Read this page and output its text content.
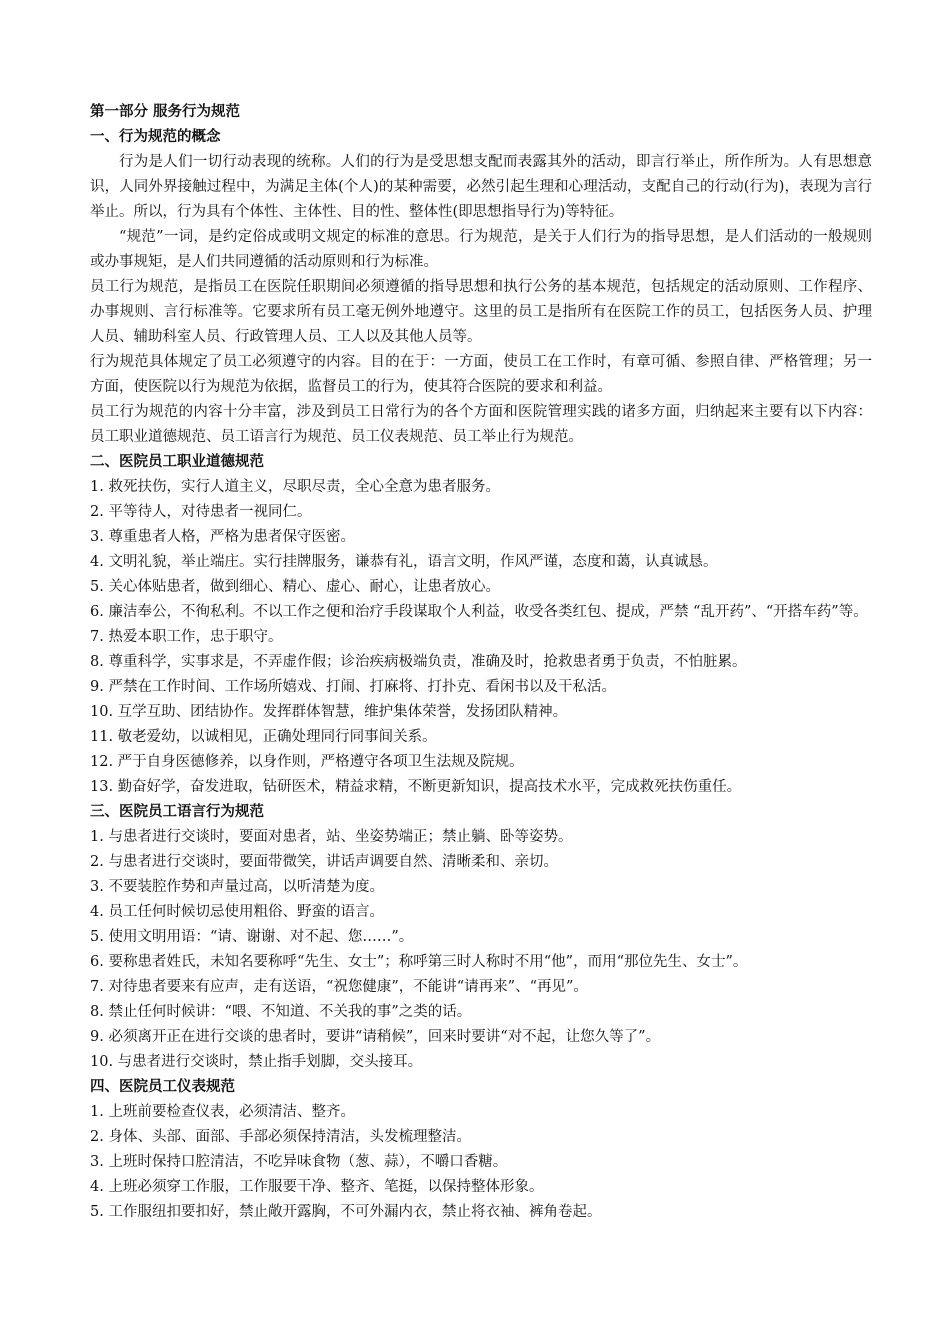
第一部分 服务行为规范

一、行为规范的概念

行为是人们一切行动表现的统称。人们的行为是受思想支配而表露其外的活动，即言行举止，所作所为。人有思想意识，人同外界接触过程中，为满足主体(个人)的某种需要，必然引起生理和心理活动，支配自己的行动(行为)，表现为言行举止。所以，行为具有个体性、主体性、目的性、整体性(即思想指导行为)等特征。

“规范”一词，是约定俗成或明文规定的标准的意思。行为规范，是关于人们行为的指导思想，是人们活动的一般规则或办事规矩，是人们共同遵循的活动原则和行为标准。

员工行为规范，是指员工在医院任职期间必须遵循的指导思想和执行公务的基本规范，包括规定的活动原则、工作程序、办事规则、言行标准等。它要求所有员工毫无例外地遵守。这里的员工是指所有在医院工作的员工，包括医务人员、护理人员、辅助科室人员、行政管理人员、工人以及其他人员等。

行为规范具体规定了员工必须遵守的内容。目的在于：一方面，使员工在工作时，有章可循、参照自律、严格管理；另一方面，使医院以行为规范为依据，监督员工的行为，使其符合医院的要求和利益。

员工行为规范的内容十分丰富，涉及到员工日常行为的各个方面和医院管理实践的诸多方面，归纳起来主要有以下内容：员工职业道德规范、员工语言行为规范、员工仪表规范、员工举止行为规范。

二、医院员工职业道德规范

1. 救死扶伤，实行人道主义，尽职尽责，全心全意为患者服务。

2. 平等待人，对待患者一视同仁。

3. 尊重患者人格，严格为患者保守医密。

4. 文明礼貌，举止端庄。实行挂牌服务，谦恭有礼，语言文明，作风严谨，态度和蔼，认真诚恳。

5. 关心体贴患者，做到细心、精心、虚心、耐心，让患者放心。

6. 廉洁奉公，不徇私利。不以工作之便和治疗手段谋取个人利益，收受各类红包、提成，严禁 “乱开药”、“开搭车药”等。

7. 热爱本职工作，忠于职守。

8. 尊重科学，实事求是，不弄虚作假；诊治疾病极端负责，准确及时，抢救患者勇于负责，不怕脏累。

9. 严禁在工作时间、工作场所嬉戏、打闹、打麻将、打扑克、看闲书以及干私活。

10. 互学互助、团结协作。发挥群体智慧，维护集体荣誉，发扬团队精神。

11. 敬老爱幼，以诚相见，正确处理同行同事间关系。

12. 严于自身医德修养，以身作则，严格遵守各项卫生法规及院规。

13. 勤奋好学，奋发进取，钻研医术，精益求精，不断更新知识，提高技术水平，完成救死扶伤重任。

三、医院员工语言行为规范

1. 与患者进行交谈时，要面对患者，站、坐姿势端正；禁止躺、卧等姿势。

2. 与患者进行交谈时，要面带微笑，讲话声调要自然、清晰柔和、亲切。

3. 不要装腔作势和声量过高，以听清楚为度。

4. 员工任何时候切忌使用粗俗、野蛮的语言。

5. 使用文明用语：“请、谢谢、对不起、您……”。

6. 要称患者姓氏，未知名要称呼“先生、女士”；称呼第三时人称时不用“他”，而用“那位先生、女士”。

7. 对待患者要来有应声，走有送语，“祝您健康”，不能讲“请再来”、“再见”。

8. 禁止任何时候讲：“喂、不知道、不关我的事”之类的话。

9. 必须离开正在进行交谈的患者时，要讲“请稍候”，回来时要讲“对不起，让您久等了”。

10. 与患者进行交谈时，禁止指手划脚，交头接耳。

四、医院员工仪表规范

1. 上班前要检查仪表，必须清洁、整齐。

2. 身体、头部、面部、手部必须保持清洁，头发梳理整洁。

3. 上班时保持口腔清洁，不吃异味食物（葱、蒜），不嚼口香糖。

4. 上班必须穿工作服，工作服要干净、整齐、笔挺，以保持整体形象。

5. 工作服纽扣要扣好，禁止敞开露胸，不可外漏内衣，禁止将衣袖、裤角卷起。
